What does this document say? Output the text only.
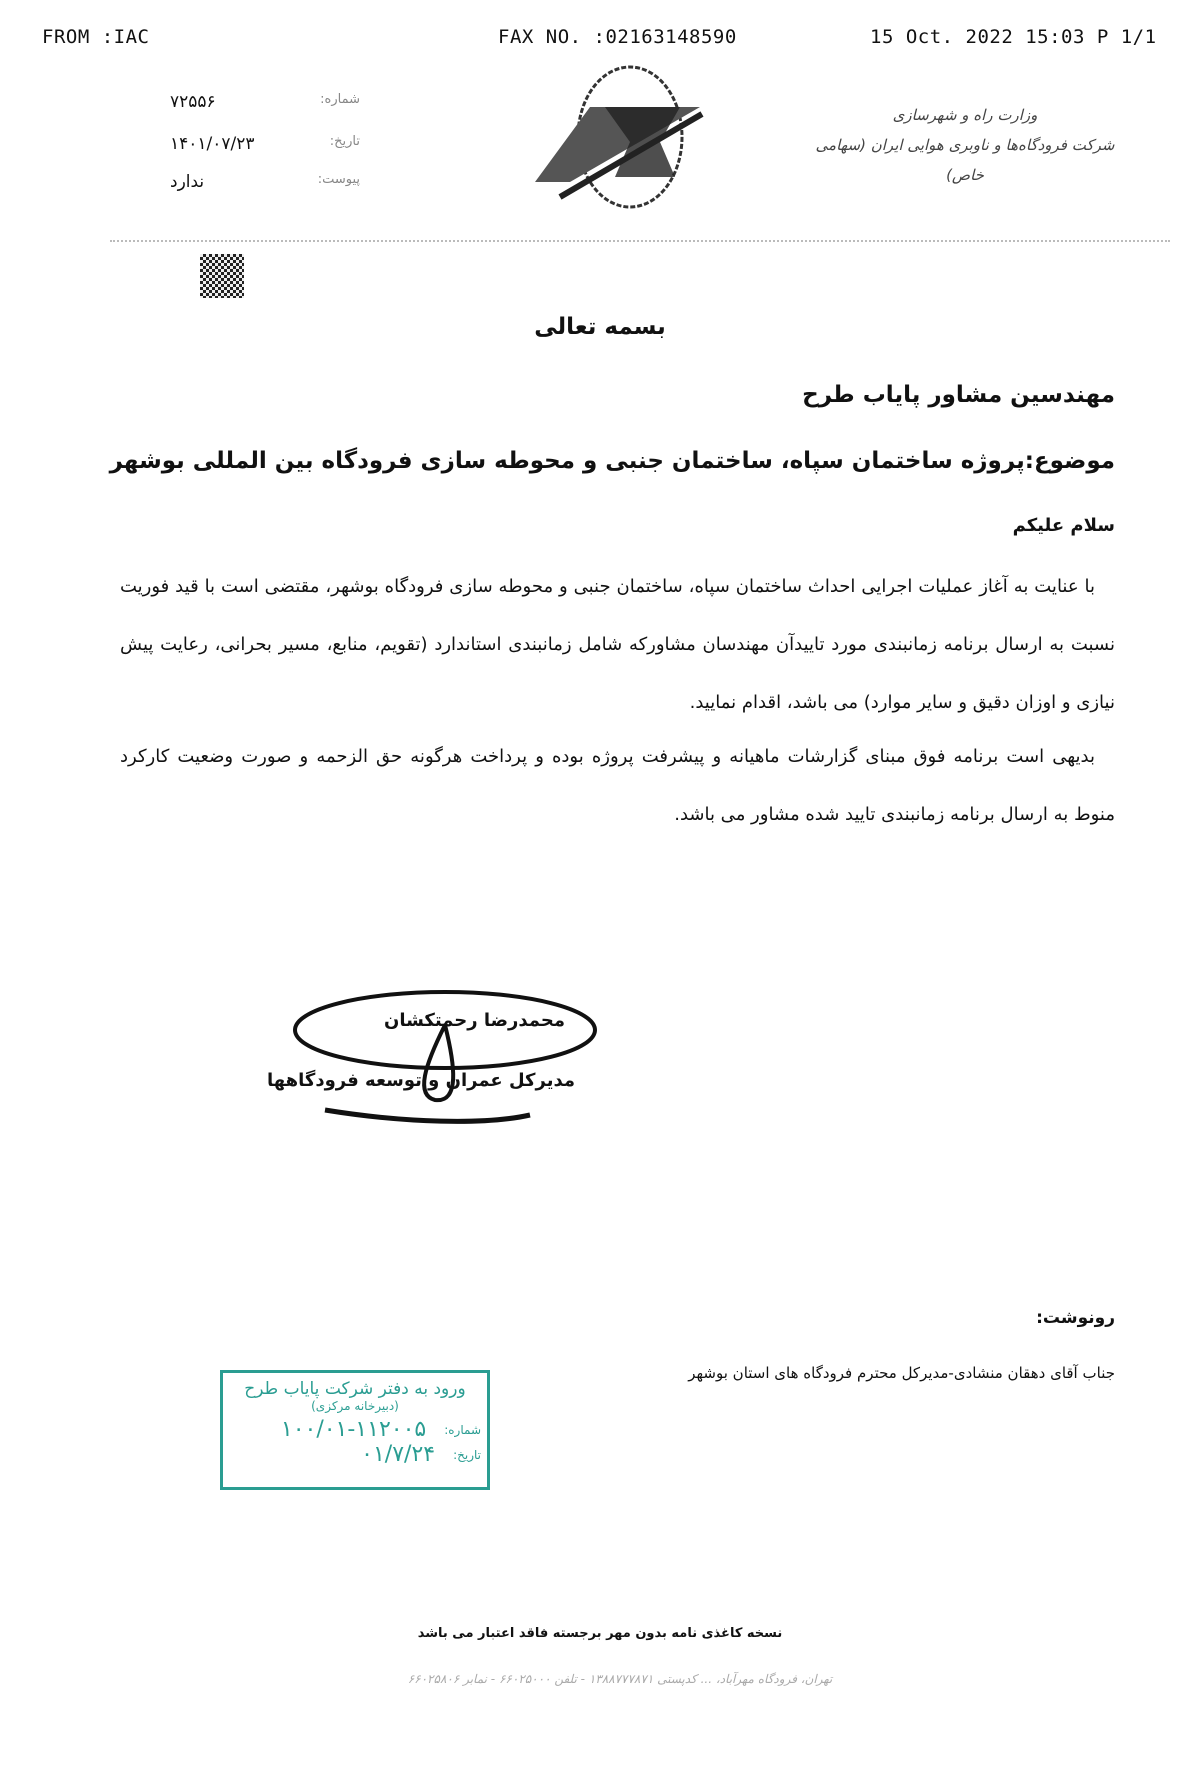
FROM :IAC	FAX NO. :02163148590	15 Oct. 2022 15:03 P 1/1
شماره:
۷۲۵۵۶
تاریخ:
۱۴۰۱/۰۷/۲۳
پیوست:
ندارد
وزارت راه و شهرسازی
شرکت فرودگاه‌ها و ناوبری هوایی ایران (سهامی خاص)
بسمه تعالی
مهندسین مشاور پایاب طرح
موضوع:پروژه ساختمان سپاه، ساختمان جنبی و محوطه سازی فرودگاه بین المللی بوشهر
سلام علیکم
با عنایت به آغاز عملیات اجرایی احداث ساختمان سپاه، ساختمان جنبی و محوطه سازی فرودگاه بوشهر، مقتضی است با قید فوریت نسبت به ارسال برنامه زمانبندی مورد تاییدآن مهندسان مشاورکه شامل زمانبندی استاندارد (تقویم، منابع، مسیر بحرانی، رعایت پیش نیازی و اوزان دقیق و سایر موارد) می باشد، اقدام نمایید.
بدیهی است برنامه فوق مبنای گزارشات ماهیانه و پیشرفت پروژه بوده و پرداخت هرگونه حق الزحمه و صورت وضعیت کارکرد منوط به ارسال برنامه زمانبندی تایید شده مشاور می باشد.
محمدرضا رحمتکشان
مدیرکل عمران و توسعه فرودگاهها
رونوشت:
جناب آقای دهقان منشادی-مدیرکل محترم فرودگاه های استان بوشهر
ورود به دفتر شرکت پایاب طرح
(دبیرخانه مرکزی)
شماره:
۱۰۰/۰۱-۱۱۲۰۰۵
تاریخ:
۰۱/۷/۲۴
نسخه کاغذی نامه بدون مهر برجسته فاقد اعتبار می باشد
تهران، فرودگاه مهرآباد، ... کدپستی ۱۳۸۸۷۷۷۸۷۱ - تلفن ۶۶۰۲۵۰۰۰ - نمابر ۶۶۰۲۵۸۰۶
